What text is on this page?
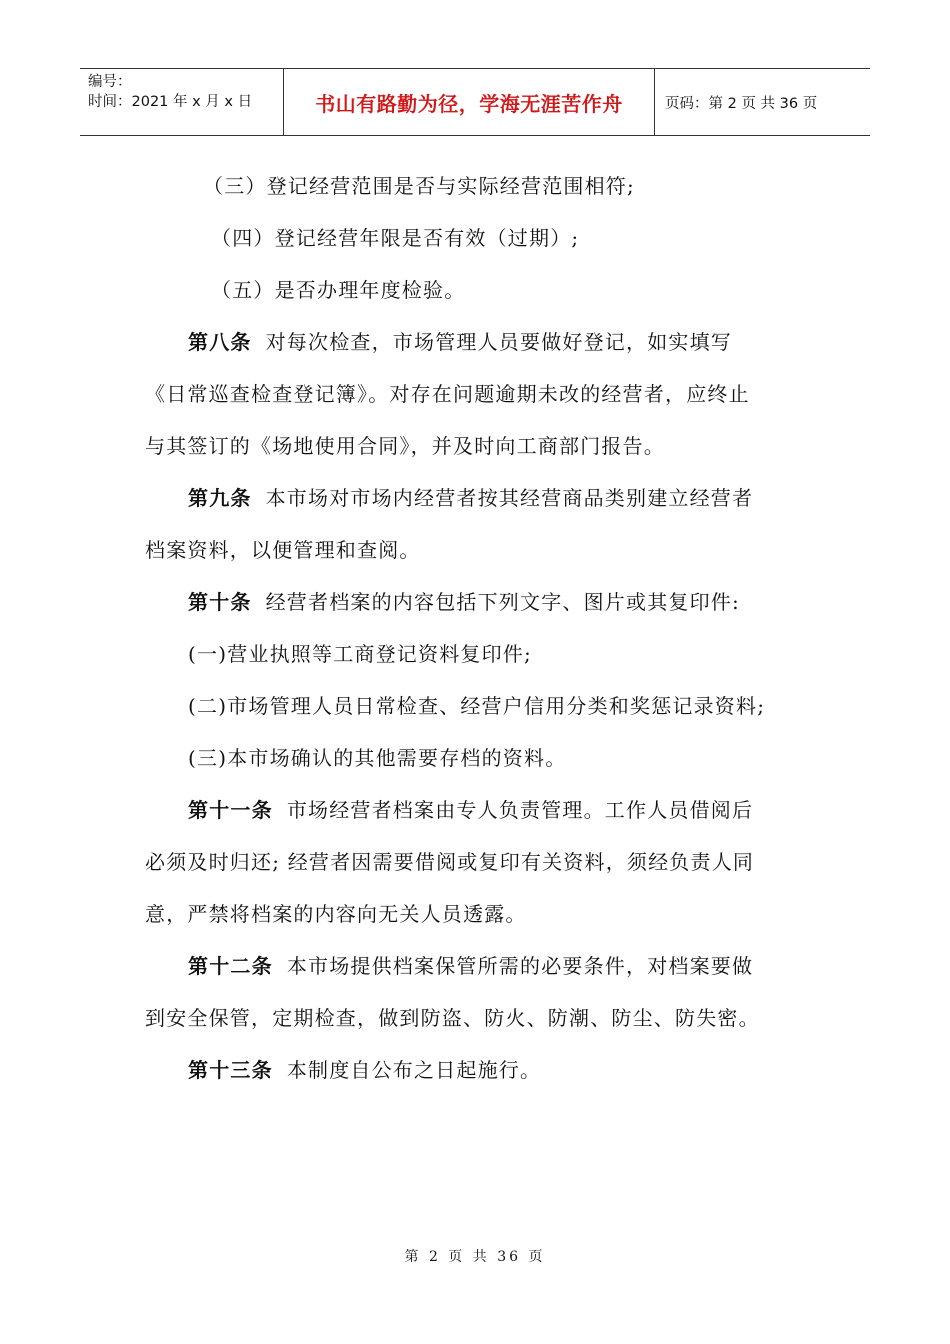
编号：
时间：2021 年 x 月 x 日	书山有路勤为径，学海无涯苦作舟	页码：第 2 页 共 36 页

（三）登记经营范围是否与实际经营范围相符;

（四）登记经营年限是否有效（过期）;

（五）是否办理年度检验。

第八条 对每次检查，市场管理人员要做好登记，如实填写

《日常巡查检查登记簿》。对存在问题逾期未改的经营者，应终止

与其签订的《场地使用合同》，并及时向工商部门报告。

第九条 本市场对市场内经营者按其经营商品类别建立经营者

档案资料，以便管理和查阅。

第十条 经营者档案的内容包括下列文字、图片或其复印件:

(一)营业执照等工商登记资料复印件;

(二)市场管理人员日常检查、经营户信用分类和奖惩记录资料;

(三)本市场确认的其他需要存档的资料。

第十一条 市场经营者档案由专人负责管理。工作人员借阅后

必须及时归还; 经营者因需要借阅或复印有关资料，须经负责人同

意，严禁将档案的内容向无关人员透露。

第十二条 本市场提供档案保管所需的必要条件，对档案要做

到安全保管，定期检查，做到防盗、防火、防潮、防尘、防失密。

第十三条 本制度自公布之日起施行。

第 2 页 共 36 页
